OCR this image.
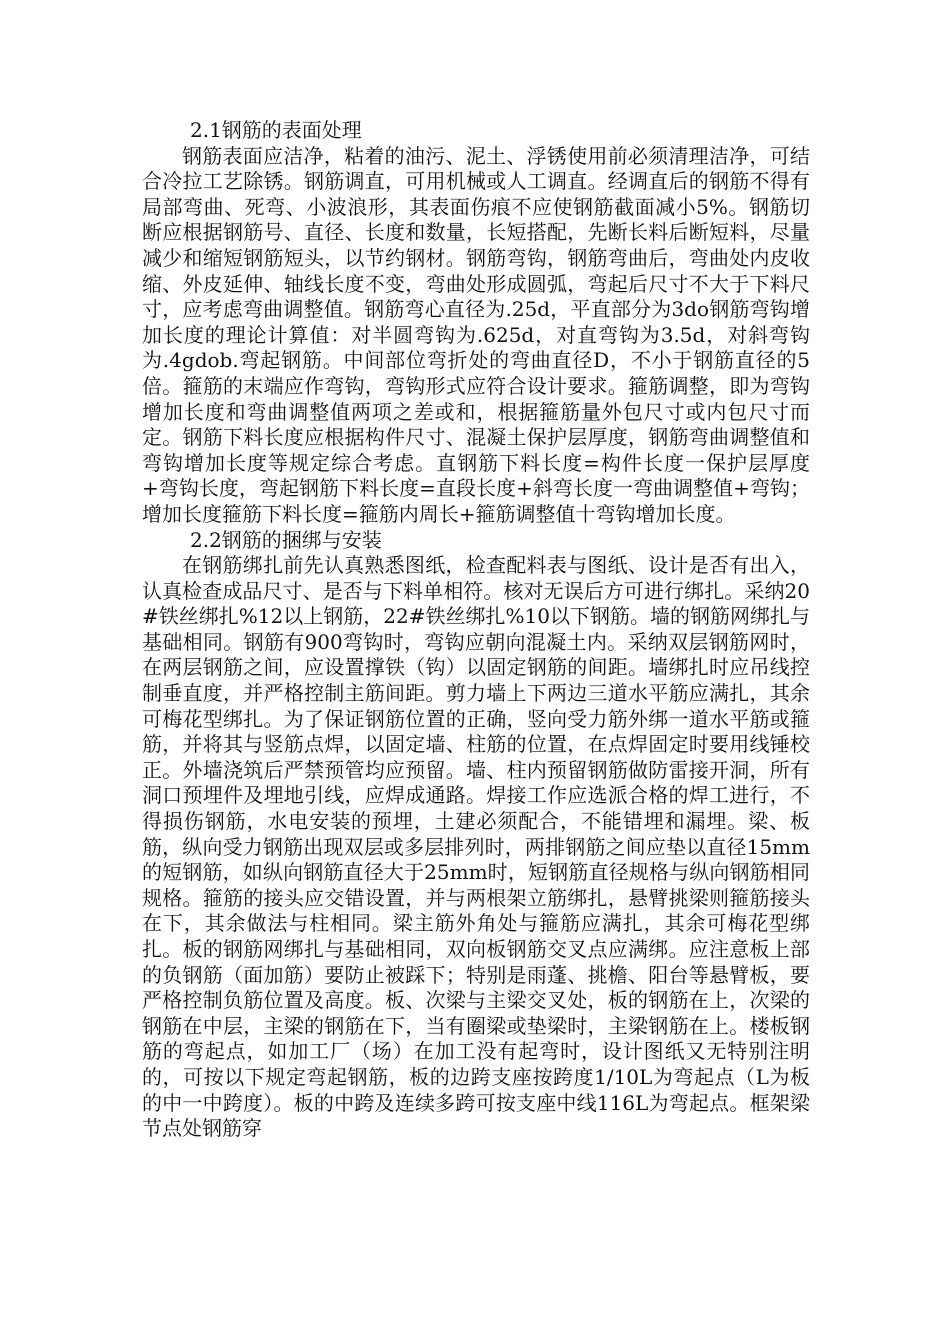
2.1钢筋的表面处理

钢筋表面应洁净，粘着的油污、泥土、浮锈使用前必须清理洁净，可结合冷拉工艺除锈。钢筋调直，可用机械或人工调直。经调直后的钢筋不得有局部弯曲、死弯、小波浪形，其表面伤痕不应使钢筋截面减小5%。钢筋切断应根据钢筋号、直径、长度和数量，长短搭配，先断长料后断短料，尽量减少和缩短钢筋短头，以节约钢材。钢筋弯钩，钢筋弯曲后，弯曲处内皮收缩、外皮延伸、轴线长度不变，弯曲处形成圆弧，弯起后尺寸不大于下料尺寸，应考虑弯曲调整值。钢筋弯心直径为.25d，平直部分为3do钢筋弯钩增加长度的理论计算值：对半圆弯钩为.625d，对直弯钩为3.5d，对斜弯钩为.4gdob.弯起钢筋。中间部位弯折处的弯曲直径D，不小于钢筋直径的5倍。箍筋的末端应作弯钩，弯钩形式应符合设计要求。箍筋调整，即为弯钩增加长度和弯曲调整值两项之差或和，根据箍筋量外包尺寸或内包尺寸而定。钢筋下料长度应根据构件尺寸、混凝土保护层厚度，钢筋弯曲调整值和弯钩增加长度等规定综合考虑。直钢筋下料长度=构件长度一保护层厚度+弯钩长度，弯起钢筋下料长度=直段长度+斜弯长度一弯曲调整值+弯钩；增加长度箍筋下料长度=箍筋内周长+箍筋调整值十弯钩增加长度。

2.2钢筋的捆绑与安装

在钢筋绑扎前先认真熟悉图纸，检查配料表与图纸、设计是否有出入，认真检查成品尺寸、是否与下料单相符。核对无误后方可进行绑扎。采纳20#铁丝绑扎%12以上钢筋，22#铁丝绑扎%10以下钢筋。墙的钢筋网绑扎与基础相同。钢筋有900弯钩时，弯钩应朝向混凝土内。采纳双层钢筋网时，在两层钢筋之间，应设置撑铁（钩）以固定钢筋的间距。墙绑扎时应吊线控制垂直度，并严格控制主筋间距。剪力墙上下两边三道水平筋应满扎，其余可梅花型绑扎。为了保证钢筋位置的正确，竖向受力筋外绑一道水平筋或箍筋，并将其与竖筋点焊，以固定墙、柱筋的位置，在点焊固定时要用线锤校正。外墙浇筑后严禁预管均应预留。墙、柱内预留钢筋做防雷接开洞，所有洞口预埋件及埋地引线，应焊成通路。焊接工作应选派合格的焊工进行，不得损伤钢筋，水电安装的预埋，土建必须配合，不能错埋和漏埋。梁、板筋，纵向受力钢筋出现双层或多层排列时，两排钢筋之间应垫以直径15mm的短钢筋，如纵向钢筋直径大于25mm时，短钢筋直径规格与纵向钢筋相同规格。箍筋的接头应交错设置，并与两根架立筋绑扎，悬臂挑梁则箍筋接头在下，其余做法与柱相同。梁主筋外角处与箍筋应满扎，其余可梅花型绑扎。板的钢筋网绑扎与基础相同，双向板钢筋交叉点应满绑。应注意板上部的负钢筋（面加筋）要防止被踩下；特别是雨蓬、挑檐、阳台等悬臂板，要严格控制负筋位置及高度。板、次梁与主梁交叉处，板的钢筋在上，次梁的钢筋在中层，主梁的钢筋在下，当有圈梁或垫梁时，主梁钢筋在上。楼板钢筋的弯起点，如加工厂（场）在加工没有起弯时，设计图纸又无特别注明的，可按以下规定弯起钢筋，板的边跨支座按跨度1/10L为弯起点（L为板的中一中跨度）。板的中跨及连续多跨可按支座中线116L为弯起点。框架梁节点处钢筋穿
